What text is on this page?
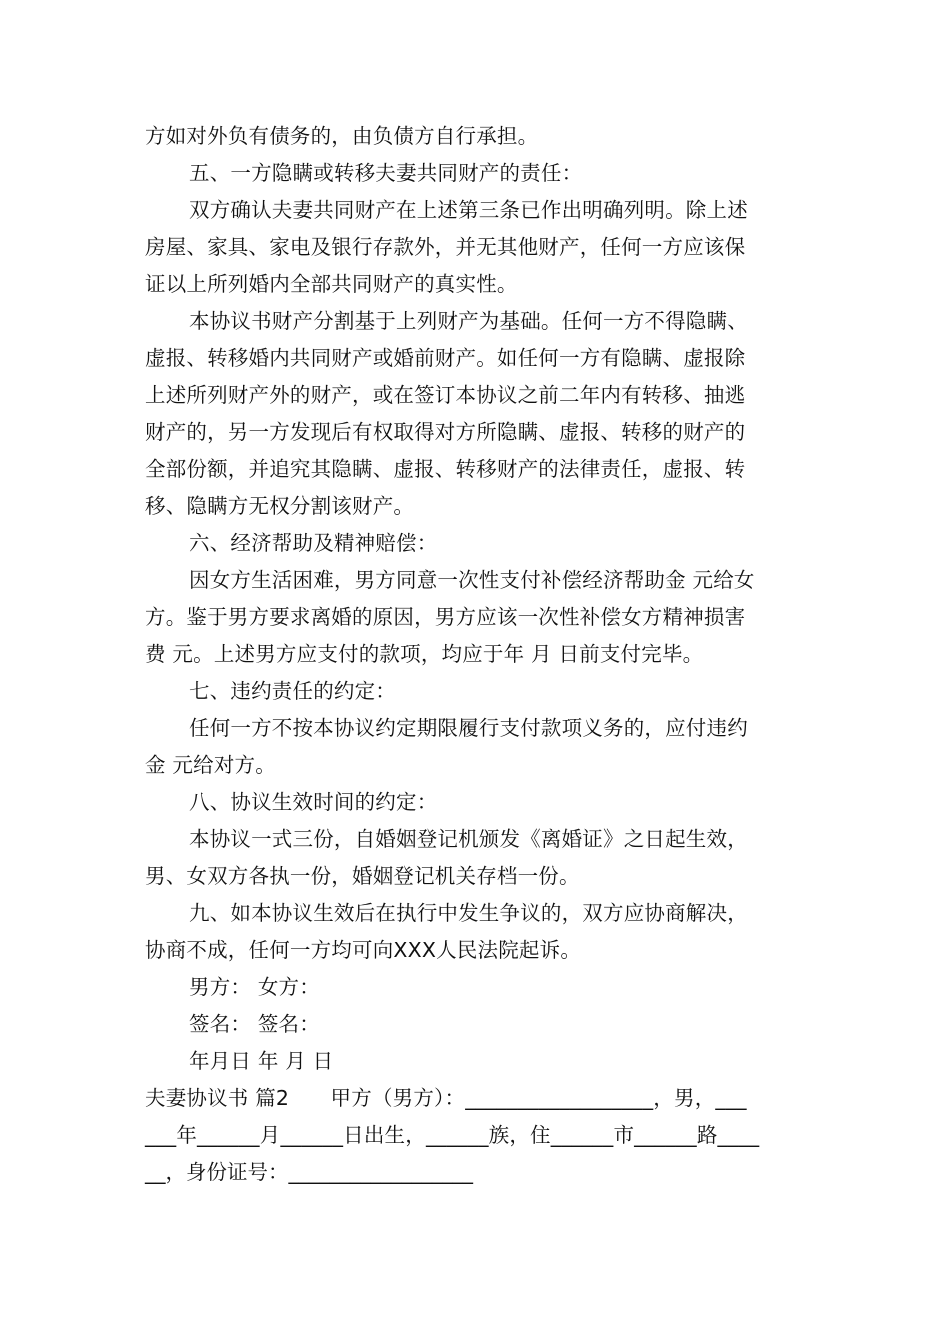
方如对外负有债务的，由负债方自行承担。
五、一方隐瞒或转移夫妻共同财产的责任：
双方确认夫妻共同财产在上述第三条已作出明确列明。除上述
房屋、家具、家电及银行存款外，并无其他财产，任何一方应该保
证以上所列婚内全部共同财产的真实性。
本协议书财产分割基于上列财产为基础。任何一方不得隐瞒、
虚报、转移婚内共同财产或婚前财产。如任何一方有隐瞒、虚报除
上述所列财产外的财产，或在签订本协议之前二年内有转移、抽逃
财产的，另一方发现后有权取得对方所隐瞒、虚报、转移的财产的
全部份额，并追究其隐瞒、虚报、转移财产的法律责任，虚报、转
移、隐瞒方无权分割该财产。
六、经济帮助及精神赔偿：
因女方生活困难，男方同意一次性支付补偿经济帮助金 元给女
方。鉴于男方要求离婚的原因，男方应该一次性补偿女方精神损害
费 元。上述男方应支付的款项，均应于年 月 日前支付完毕。
七、违约责任的约定：
任何一方不按本协议约定期限履行支付款项义务的，应付违约
金 元给对方。
八、协议生效时间的约定：
本协议一式三份，自婚姻登记机颁发《离婚证》之日起生效，
男、女双方各执一份，婚姻登记机关存档一份。
九、如本协议生效后在执行中发生争议的，双方应协商解决，
协商不成，任何一方均可向XXX人民法院起诉。
男方： 女方：
签名： 签名：
年月日 年 月 日
夫妻协议书 篇2　　甲方（男方）：__________________，男，___
___年______月______日出生，______族，住______市______路____
__，身份证号：__________________
